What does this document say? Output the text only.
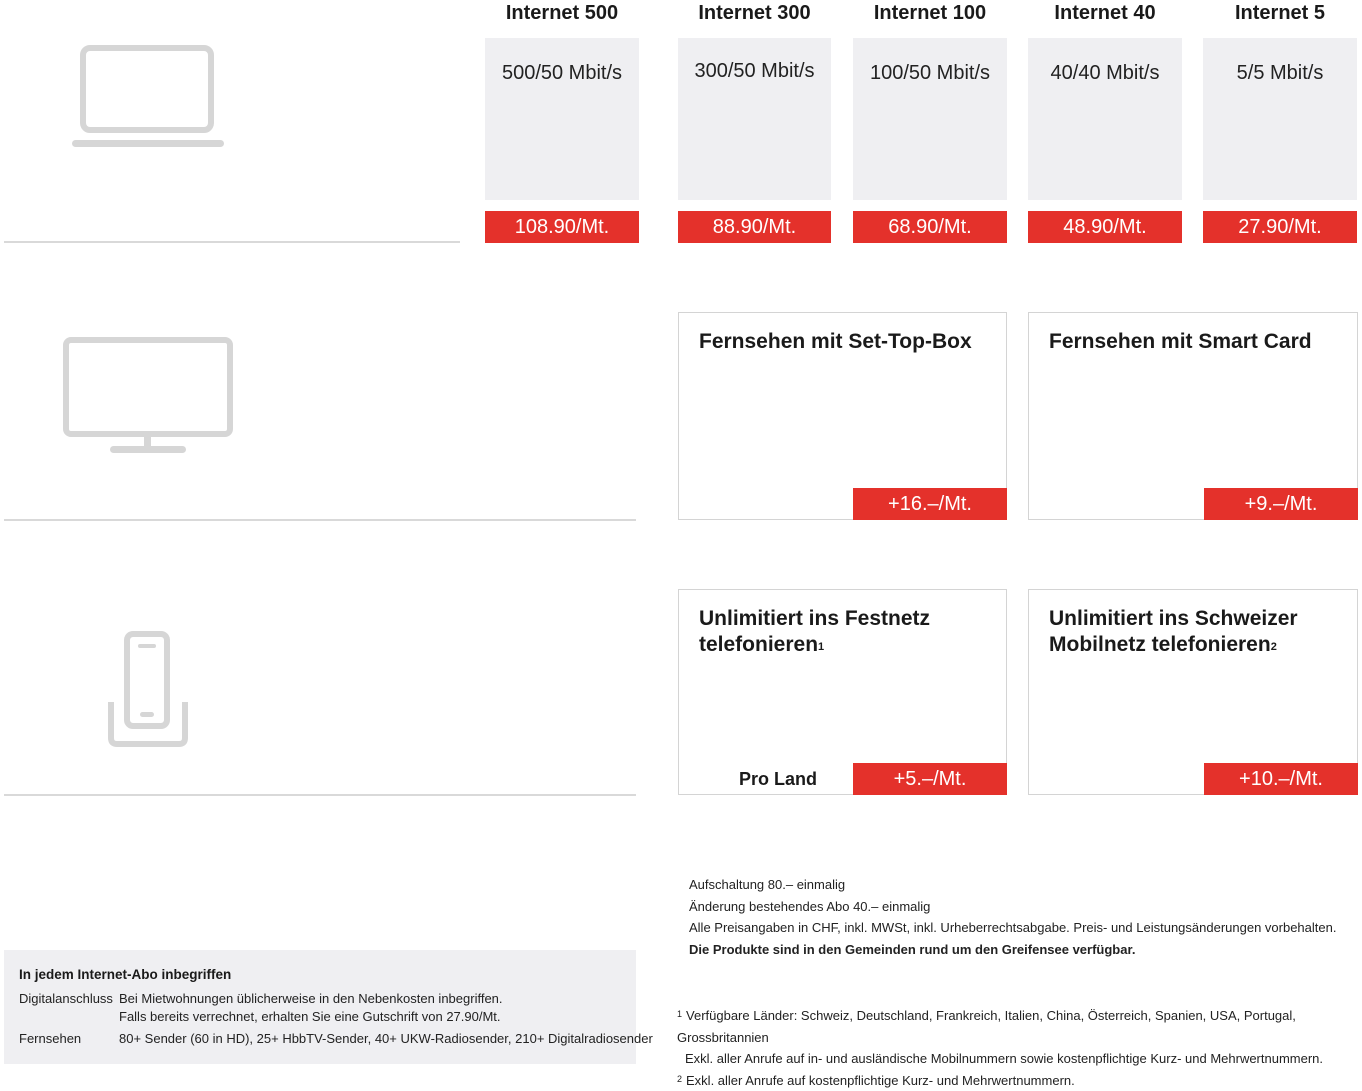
Internet 500
500/50 Mbit/s
108.90/Mt.
Internet 300
300/50 Mbit/s
88.90/Mt.
Internet 100
100/50 Mbit/s
68.90/Mt.
Internet 40
40/40 Mbit/s
48.90/Mt.
Internet 5
5/5 Mbit/s
27.90/Mt.
Fernsehen mit Set-Top-Box
+16.–/Mt.
Fernsehen mit Smart Card
+9.–/Mt.
Unlimitiert ins Festnetz
telefonieren$^1$
Pro Land	+5.–/Mt.
Unlimitiert ins Schweizer
Mobilnetz telefonieren$^2$
+10.–/Mt.
Aufschaltung 80.– einmalig
Änderung bestehendes Abo 40.– einmalig
Alle Preisangaben in CHF, inkl. MWSt, inkl. Urheberrechtsabgabe. Preis- und Leistungsänderungen vorbehalten.
Die Produkte sind in den Gemeinden rund um den Greifensee verfügbar.
$^1$ Verfügbare Länder: Schweiz, Deutschland, Frankreich, Italien, China, Österreich, Spanien, USA, Portugal, Grossbritannien
Exkl. aller Anrufe auf in- und ausländische Mobilnummern sowie kostenpflichtige Kurz- und Mehrwertnummern.
$^2$ Exkl. aller Anrufe auf kostenpflichtige Kurz- und Mehrwertnummern.
In jedem Internet-Abo inbegriffen
Digitalanschluss Bei Mietwohnungen üblicherweise in den Nebenkosten inbegriffen.
Falls bereits verrechnet, erhalten Sie eine Gutschrift von 27.90/Mt.
Fernsehen	80+ Sender (60 in HD), 25+ HbbTV-Sender, 40+ UKW-Radiosender, 210+ Digitalradiosender
